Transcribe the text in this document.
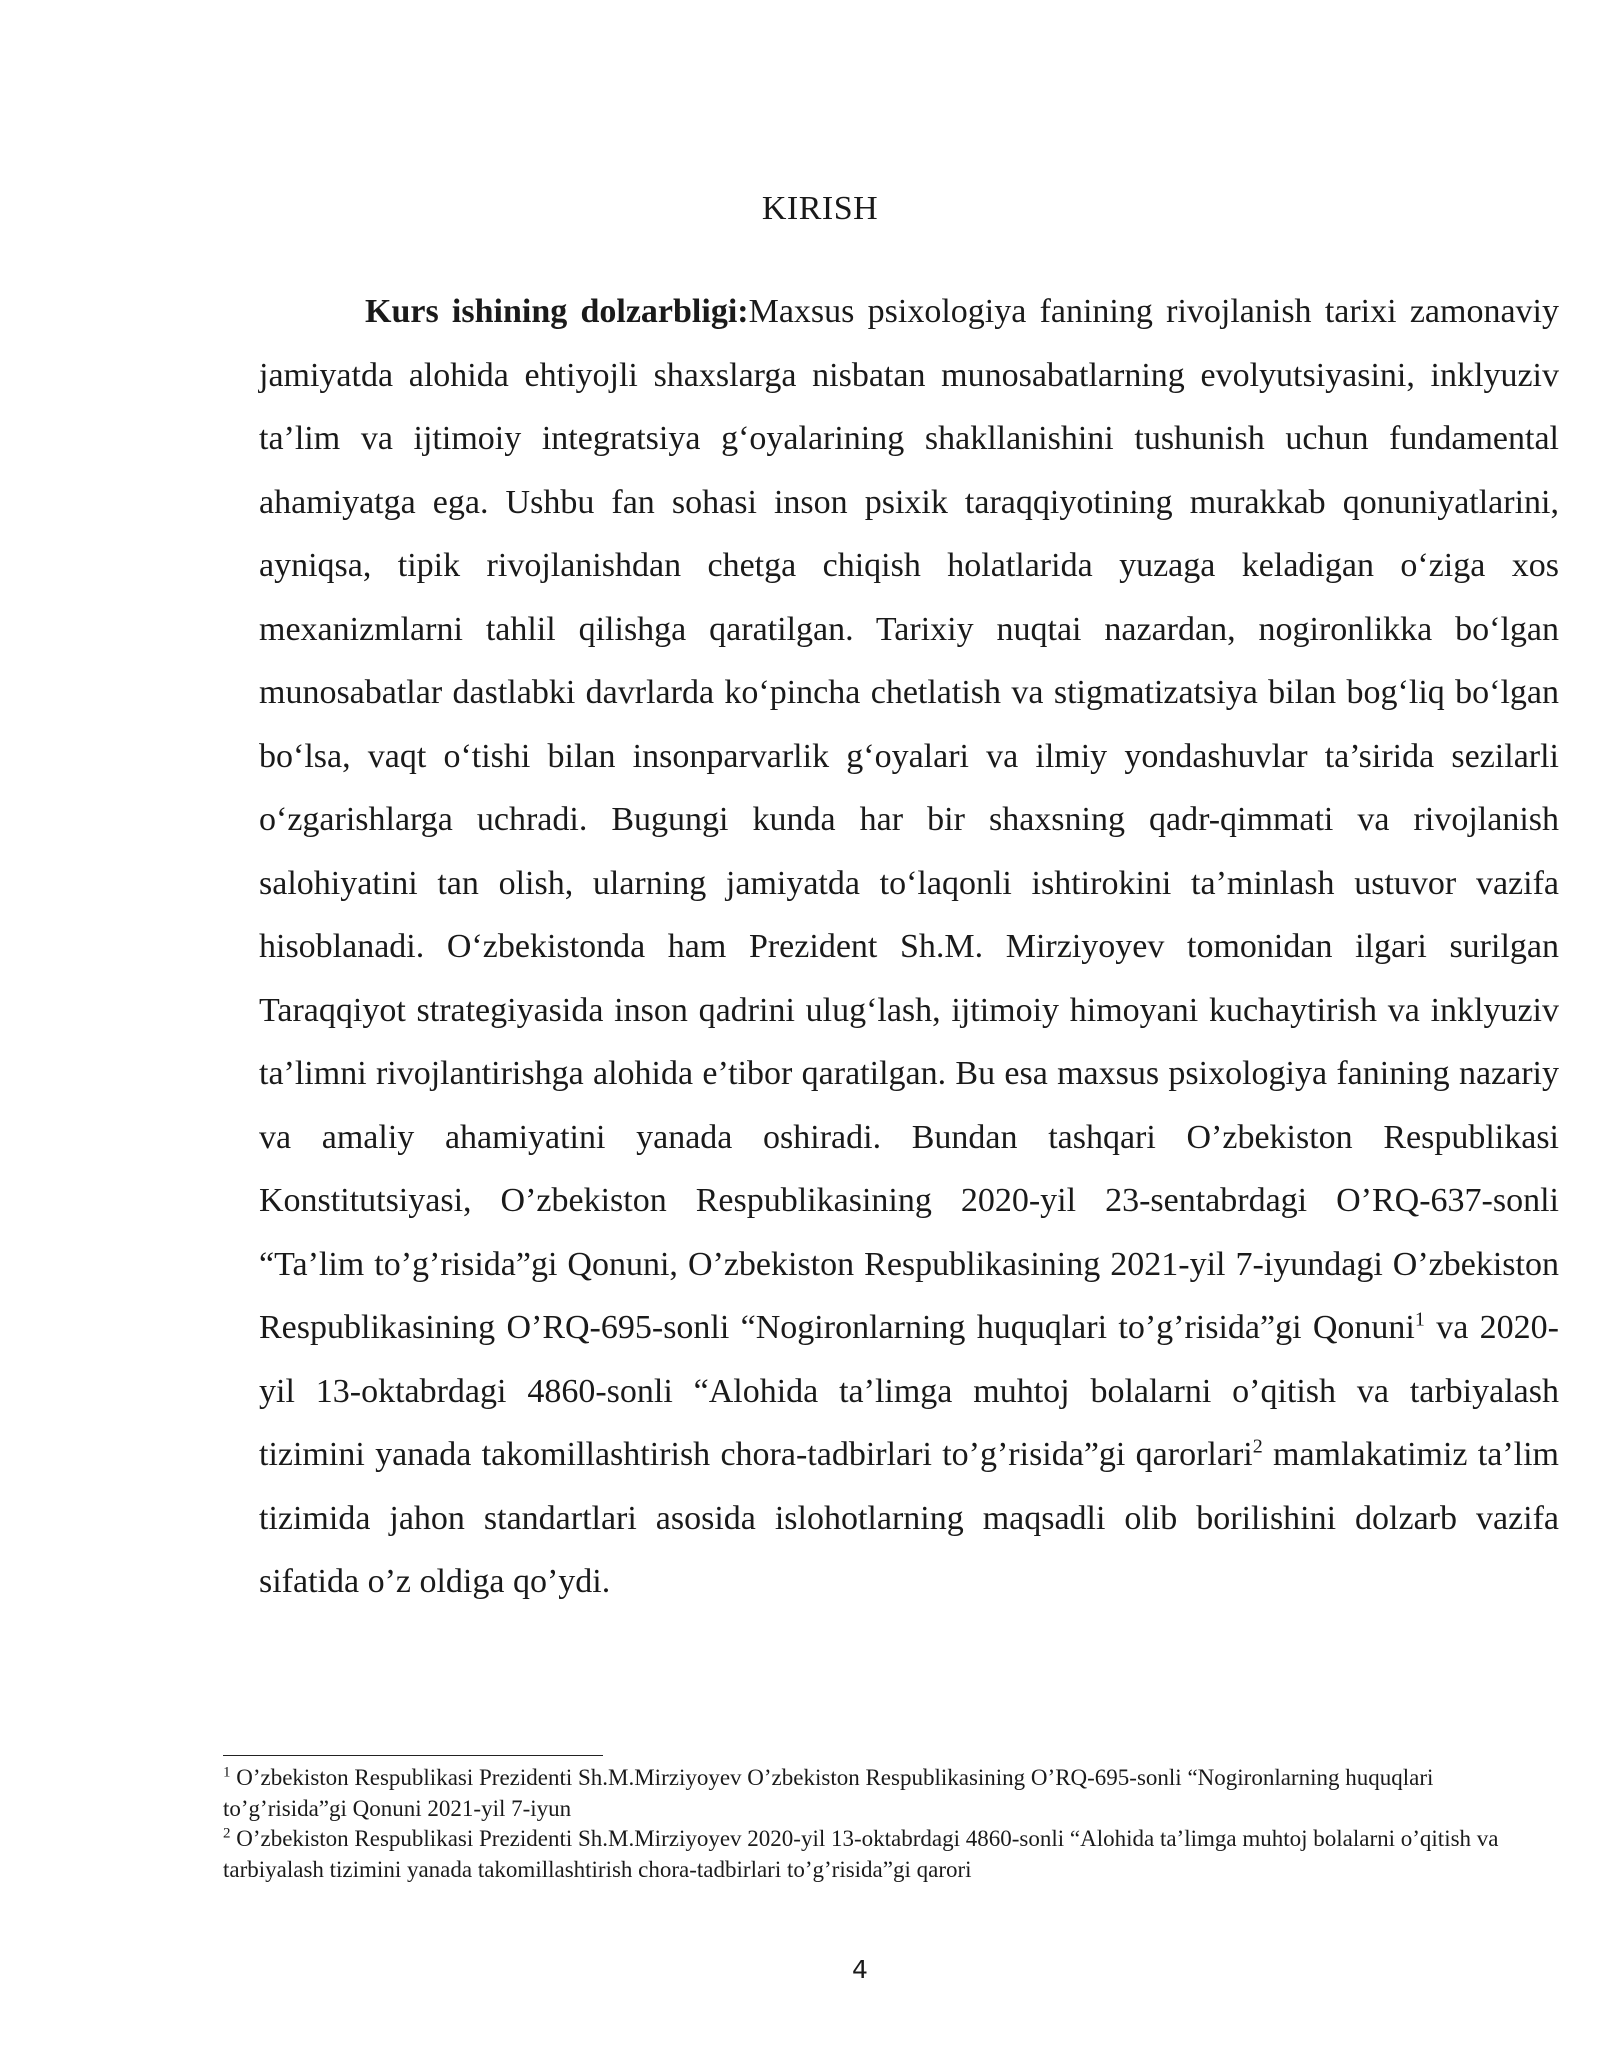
KIRISH

Kurs ishining dolzarbligi:Maxsus psixologiya fanining rivojlanish tarixi zamonaviy jamiyatda alohida ehtiyojli shaxslarga nisbatan munosabatlarning evolyutsiyasini, inklyuziv ta’lim va ijtimoiy integratsiya g‘oyalarining shakllanishini tushunish uchun fundamental ahamiyatga ega. Ushbu fan sohasi inson psixik taraqqiyotining murakkab qonuniyatlarini, ayniqsa, tipik rivojlanishdan chetga chiqish holatlarida yuzaga keladigan o‘ziga xos mexanizmlarni tahlil qilishga qaratilgan. Tarixiy nuqtai nazardan, nogironlikka bo‘lgan munosabatlar dastlabki davrlarda ko‘pincha chetlatish va stigmatizatsiya bilan bog‘liq bo‘lgan bo‘lsa, vaqt o‘tishi bilan insonparvarlik g‘oyalari va ilmiy yondashuvlar ta’sirida sezilarli o‘zgarishlarga uchradi. Bugungi kunda har bir shaxsning qadr-qimmati va rivojlanish salohiyatini tan olish, ularning jamiyatda to‘laqonli ishtirokini ta’minlash ustuvor vazifa hisoblanadi. O‘zbekistonda ham Prezident Sh.M. Mirziyoyev tomonidan ilgari surilgan Taraqqiyot strategiyasida inson qadrini ulug‘lash, ijtimoiy himoyani kuchaytirish va inklyuziv ta’limni rivojlantirishga alohida e’tibor qaratilgan. Bu esa maxsus psixologiya fanining nazariy va amaliy ahamiyatini yanada oshiradi. Bundan tashqari O’zbekiston Respublikasi Konstitutsiyasi, O’zbekiston Respublikasining 2020-yil 23-sentabrdagi O’RQ-637-sonli “Ta’lim to’g’risida”gi Qonuni, O’zbekiston Respublikasining 2021-yil 7-iyundagi O’zbekiston Respublikasining O’RQ-695-sonli “Nogironlarning huquqlari to’g’risida”gi Qonuni$^1$ va 2020-yil 13-oktabrdagi 4860-sonli “Alohida ta’limga muhtoj bolalarni o’qitish va tarbiyalash tizimini yanada takomillashtirish chora-tadbirlari to’g’risida”gi qarorlari$^2$ mamlakatimiz ta’lim tizimida jahon standartlari asosida islohotlarning maqsadli olib borilishini dolzarb vazifa sifatida o’z oldiga qo’ydi.

$^1$ O’zbekiston Respublikasi Prezidenti Sh.M.Mirziyoyev O’zbekiston Respublikasining O’RQ-695-sonli “Nogironlarning huquqlari to’g’risida”gi Qonuni 2021-yil 7-iyun

$^2$ O’zbekiston Respublikasi Prezidenti Sh.M.Mirziyoyev 2020-yil 13-oktabrdagi 4860-sonli “Alohida ta’limga muhtoj bolalarni o’qitish va tarbiyalash tizimini yanada takomillashtirish chora-tadbirlari to’g’risida”gi qarori

4
